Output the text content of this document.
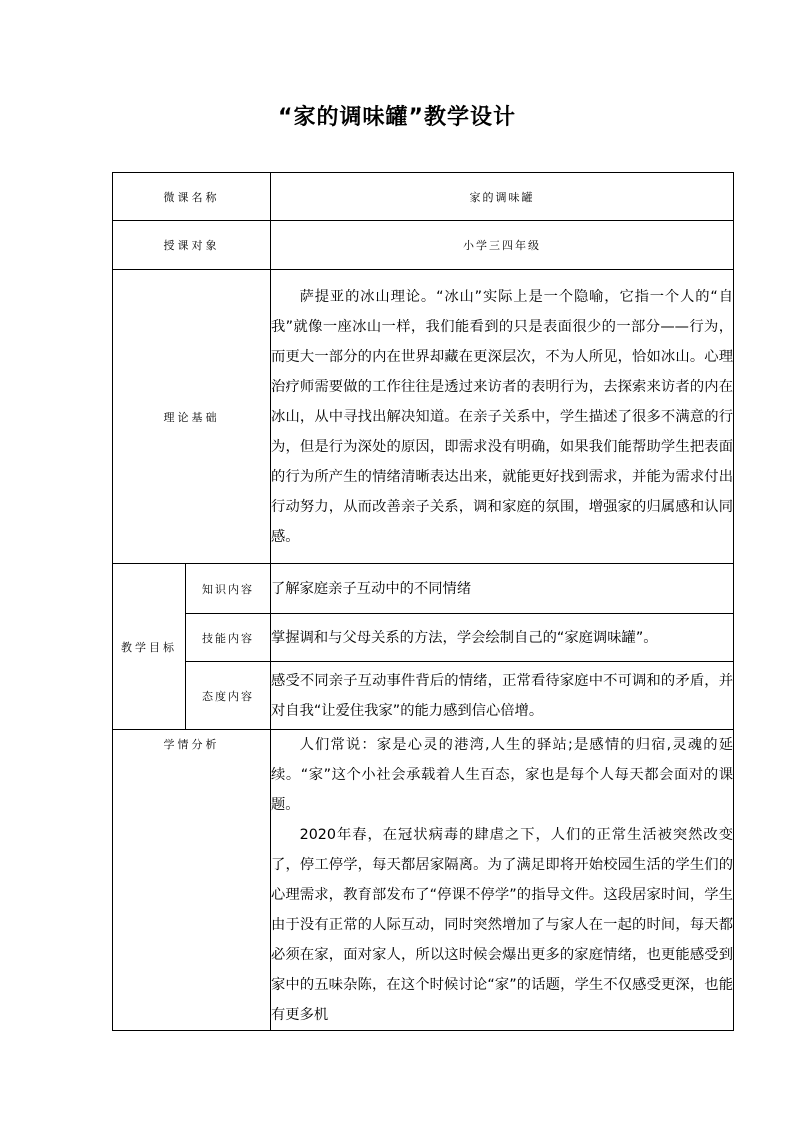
“家的调味罐”教学设计
微课名称		家的调味罐
授课对象		小学三四年级
理论基础		萨提亚的冰山理论。“冰山”实际上是一个隐喻，它指一个人的“自我”就像一座冰山一样，我们能看到的只是表面很少的一部分——行为，而更大一部分的内在世界却藏在更深层次，不为人所见，恰如冰山。心理治疗师需要做的工作往往是透过来访者的表明行为，去探索来访者的内在冰山，从中寻找出解决知道。在亲子关系中，学生描述了很多不满意的行为，但是行为深处的原因，即需求没有明确，如果我们能帮助学生把表面的行为所产生的情绪清晰表达出来，就能更好找到需求，并能为需求付出行动努力，从而改善亲子关系，调和家庭的氛围，增强家的归属感和认同感。

教学目标	知识内容	了解家庭亲子互动中的不同情绪

	技能内容	掌握调和与父母关系的方法，学会绘制自己的“家庭调味罐”。

	态度内容	感受不同亲子互动事件背后的情绪，正常看待家庭中不可调和的矛盾，并对自我“让爱住我家”的能力感到信心倍增。

学情分析		人们常说：家是心灵的港湾,人生的驿站;是感情的归宿,灵魂的延续。“家”这个小社会承载着人生百态，家也是每个人每天都会面对的课题。

2020年春，在冠状病毒的肆虐之下，人们的正常生活被突然改变了，停工停学，每天都居家隔离。为了满足即将开始校园生活的学生们的心理需求，教育部发布了“停课不停学”的指导文件。这段居家时间，学生由于没有正常的人际互动，同时突然增加了与家人在一起的时间，每天都必须在家，面对家人，所以这时候会爆出更多的家庭情绪，也更能感受到家中的五味杂陈，在这个时候讨论“家”的话题，学生不仅感受更深，也能有更多机
